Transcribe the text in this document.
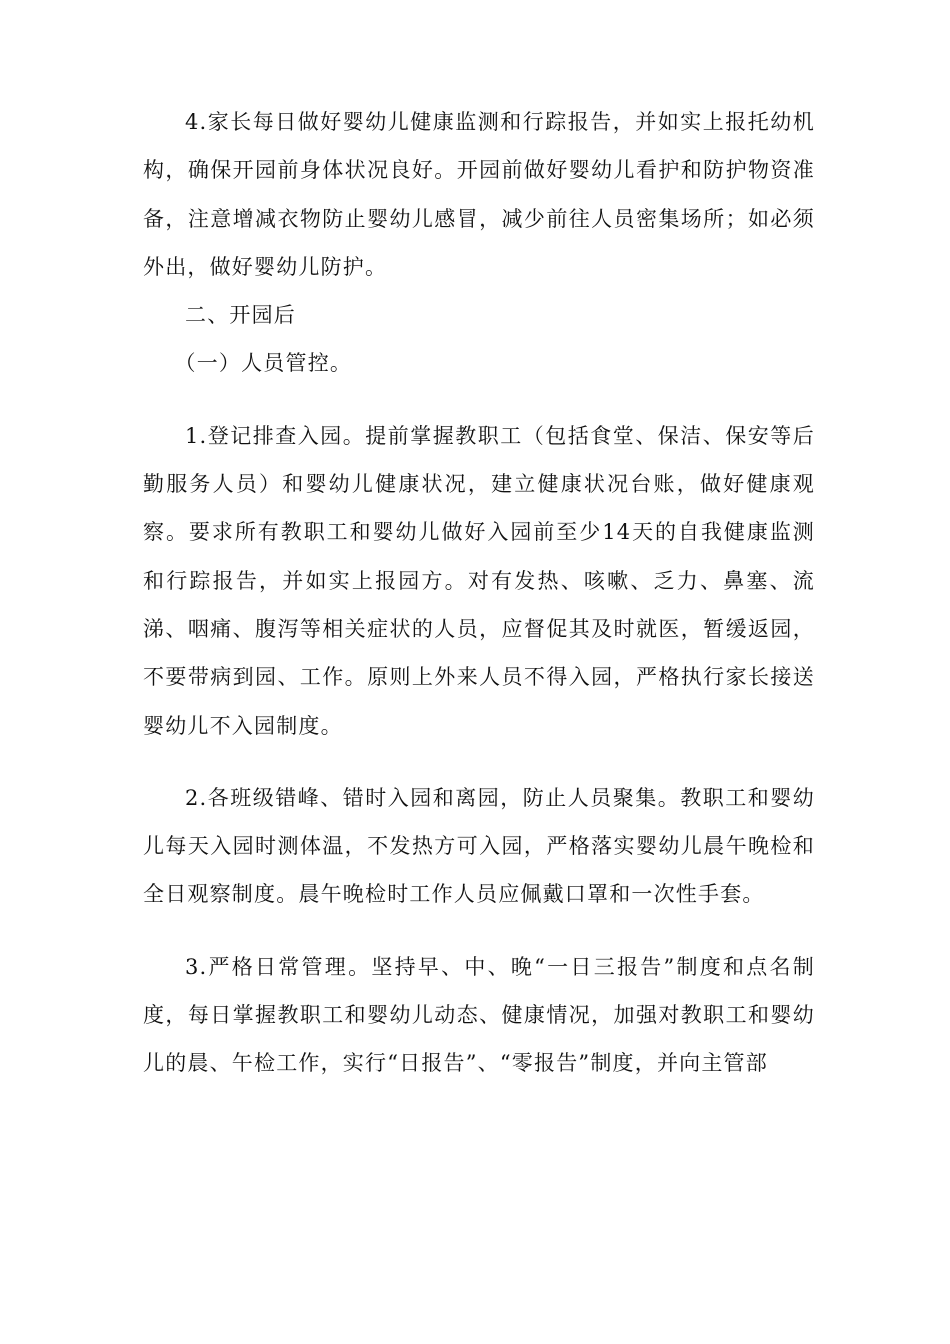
4.家长每日做好婴幼儿健康监测和行踪报告，并如实上报托幼机构，确保开园前身体状况良好。开园前做好婴幼儿看护和防护物资准备，注意增减衣物防止婴幼儿感冒，减少前往人员密集场所；如必须外出，做好婴幼儿防护。

二、开园后

（一）人员管控。

1.登记排查入园。提前掌握教职工（包括食堂、保洁、保安等后勤服务人员）和婴幼儿健康状况，建立健康状况台账，做好健康观察。要求所有教职工和婴幼儿做好入园前至少14天的自我健康监测和行踪报告，并如实上报园方。对有发热、咳嗽、乏力、鼻塞、流涕、咽痛、腹泻等相关症状的人员，应督促其及时就医，暂缓返园，不要带病到园、工作。原则上外来人员不得入园，严格执行家长接送婴幼儿不入园制度。

2.各班级错峰、错时入园和离园，防止人员聚集。教职工和婴幼儿每天入园时测体温，不发热方可入园，严格落实婴幼儿晨午晚检和全日观察制度。晨午晚检时工作人员应佩戴口罩和一次性手套。

3.严格日常管理。坚持早、中、晚“一日三报告”制度和点名制度，每日掌握教职工和婴幼儿动态、健康情况，加强对教职工和婴幼儿的晨、午检工作，实行“日报告”、“零报告”制度，并向主管部
